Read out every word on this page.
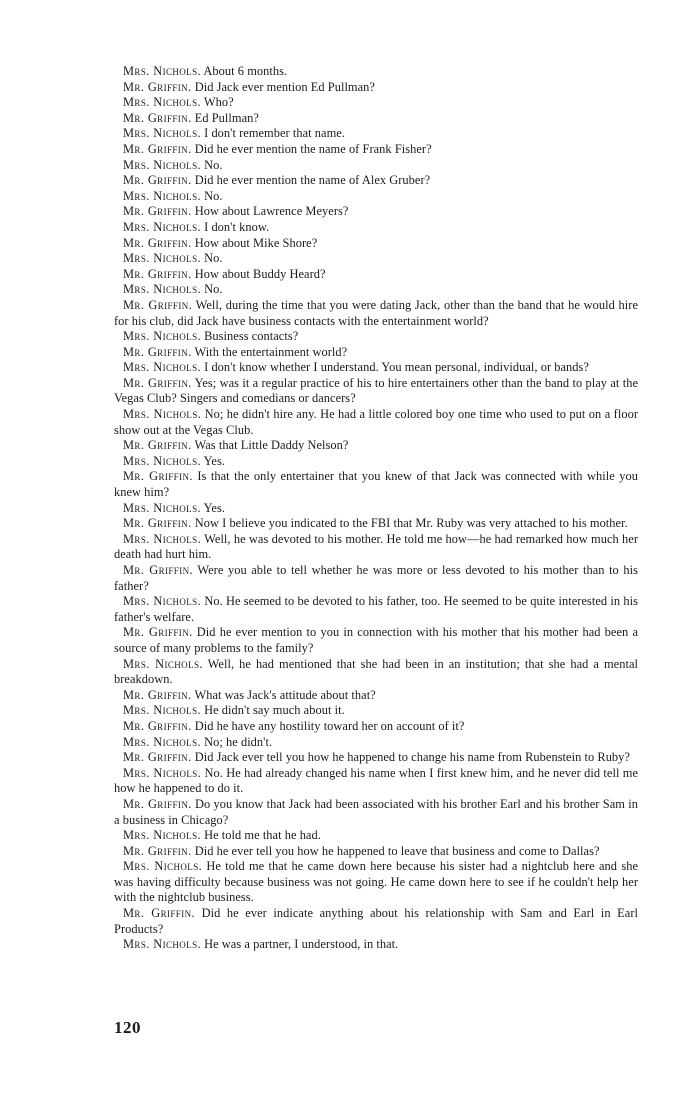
Mrs. Nichols. About 6 months.

Mr. Griffin. Did Jack ever mention Ed Pullman?

Mrs. Nichols. Who?

Mr. Griffin. Ed Pullman?

Mrs. Nichols. I don't remember that name.

Mr. Griffin. Did he ever mention the name of Frank Fisher?

Mrs. Nichols. No.

Mr. Griffin. Did he ever mention the name of Alex Gruber?

Mrs. Nichols. No.

Mr. Griffin. How about Lawrence Meyers?

Mrs. Nichols. I don't know.

Mr. Griffin. How about Mike Shore?

Mrs. Nichols. No.

Mr. Griffin. How about Buddy Heard?

Mrs. Nichols. No.

Mr. Griffin. Well, during the time that you were dating Jack, other than the band that he would hire for his club, did Jack have business contacts with the entertainment world?

Mrs. Nichols. Business contacts?

Mr. Griffin. With the entertainment world?

Mrs. Nichols. I don't know whether I understand. You mean personal, individual, or bands?

Mr. Griffin. Yes; was it a regular practice of his to hire entertainers other than the band to play at the Vegas Club? Singers and comedians or dancers?

Mrs. Nichols. No; he didn't hire any. He had a little colored boy one time who used to put on a floor show out at the Vegas Club.

Mr. Griffin. Was that Little Daddy Nelson?

Mrs. Nichols. Yes.

Mr. Griffin. Is that the only entertainer that you knew of that Jack was connected with while you knew him?

Mrs. Nichols. Yes.

Mr. Griffin. Now I believe you indicated to the FBI that Mr. Ruby was very attached to his mother.

Mrs. Nichols. Well, he was devoted to his mother. He told me how—he had remarked how much her death had hurt him.

Mr. Griffin. Were you able to tell whether he was more or less devoted to his mother than to his father?

Mrs. Nichols. No. He seemed to be devoted to his father, too. He seemed to be quite interested in his father's welfare.

Mr. Griffin. Did he ever mention to you in connection with his mother that his mother had been a source of many problems to the family?

Mrs. Nichols. Well, he had mentioned that she had been in an institution; that she had a mental breakdown.

Mr. Griffin. What was Jack's attitude about that?

Mrs. Nichols. He didn't say much about it.

Mr. Griffin. Did he have any hostility toward her on account of it?

Mrs. Nichols. No; he didn't.

Mr. Griffin. Did Jack ever tell you how he happened to change his name from Rubenstein to Ruby?

Mrs. Nichols. No. He had already changed his name when I first knew him, and he never did tell me how he happened to do it.

Mr. Griffin. Do you know that Jack had been associated with his brother Earl and his brother Sam in a business in Chicago?

Mrs. Nichols. He told me that he had.

Mr. Griffin. Did he ever tell you how he happened to leave that business and come to Dallas?

Mrs. Nichols. He told me that he came down here because his sister had a nightclub here and she was having difficulty because business was not going. He came down here to see if he couldn't help her with the nightclub business.

Mr. Griffin. Did he ever indicate anything about his relationship with Sam and Earl in Earl Products?

Mrs. Nichols. He was a partner, I understood, in that.

120
